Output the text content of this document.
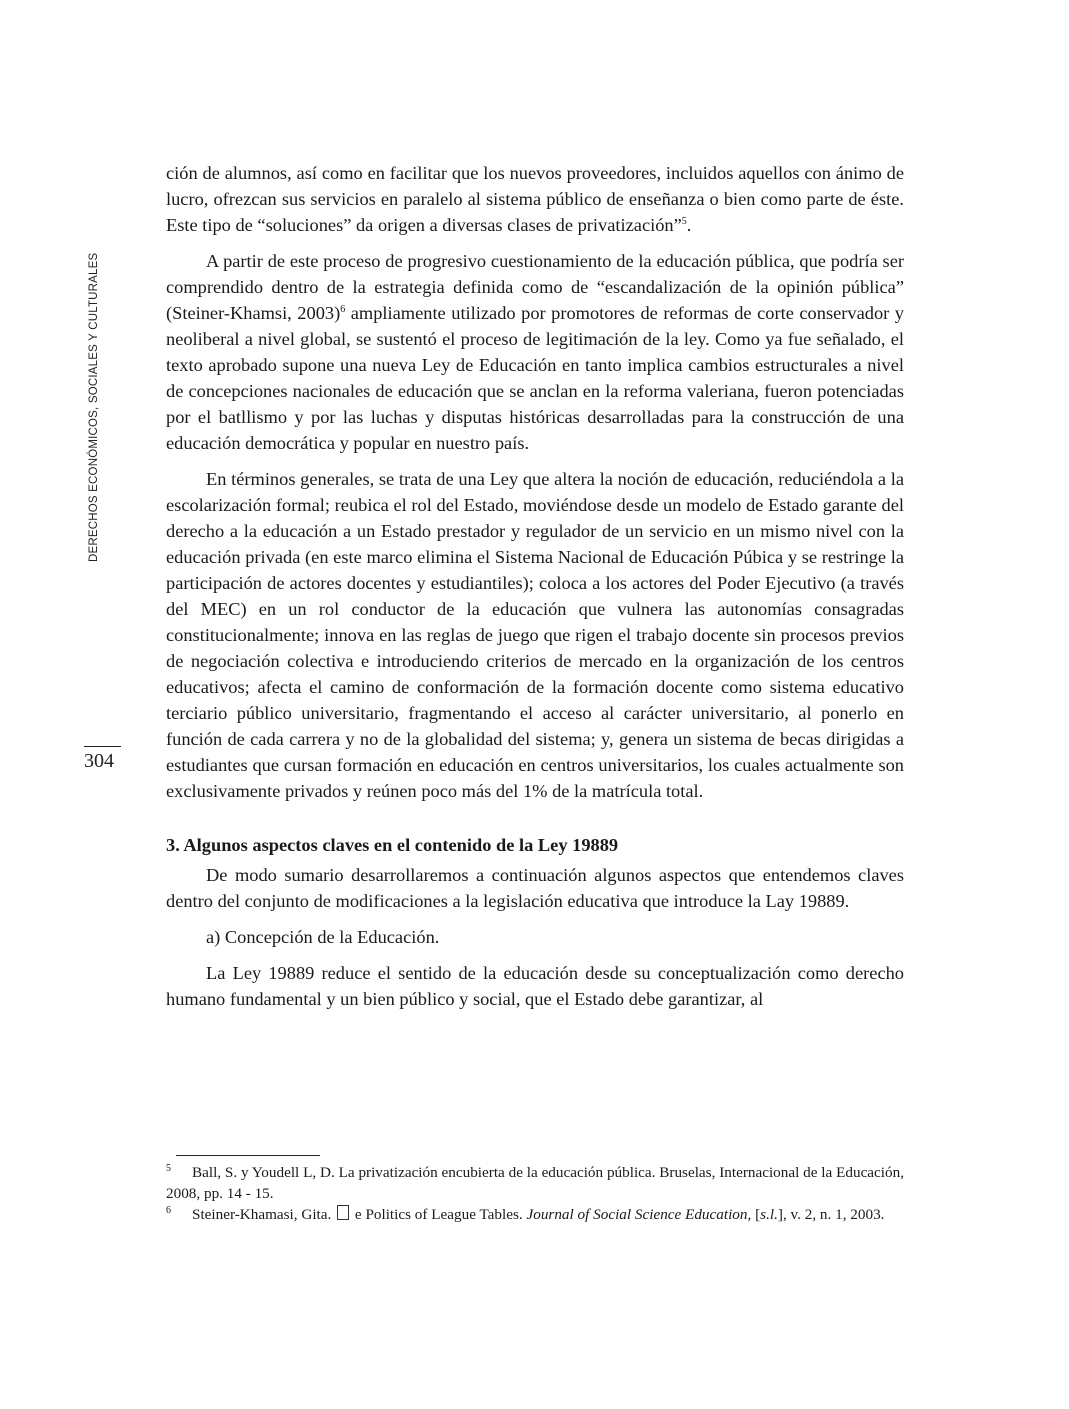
DERECHOS ECONÓMICOS, SOCIALES Y CULTURALES
304

ción de alumnos, así como en facilitar que los nuevos proveedores, incluidos aquellos con ánimo de lucro, ofrezcan sus servicios en paralelo al sistema público de enseñanza o bien como parte de éste. Este tipo de “soluciones” da origen a diversas clases de privatización”$^5$.

A partir de este proceso de progresivo cuestionamiento de la educación pública, que podría ser comprendido dentro de la estrategia definida como de “escandalización de la opinión pública” (Steiner-Khamsi, 2003)$^6$ ampliamente utilizado por promotores de reformas de corte conservador y neoliberal a nivel global, se sustentó el proceso de legitimación de la ley. Como ya fue señalado, el texto aprobado supone una nueva Ley de Educación en tanto implica cambios estructurales a nivel de concepciones nacionales de educación que se anclan en la reforma valeriana, fueron potenciadas por el batllismo y por las luchas y disputas históricas desarrolladas para la construcción de una educación democrática y popular en nuestro país.

En términos generales, se trata de una Ley que altera la noción de educación, reduciéndola a la escolarización formal; reubica el rol del Estado, moviéndose desde un modelo de Estado garante del derecho a la educación a un Estado prestador y regulador de un servicio en un mismo nivel con la educación privada (en este marco elimina el Sistema Nacional de Educación Púbica y se restringe la participación de actores docentes y estudiantiles); coloca a los actores del Poder Ejecutivo (a través del MEC) en un rol conductor de la educación que vulnera las autonomías consagradas constitucionalmente; innova en las reglas de juego que rigen el trabajo docente sin procesos previos de negociación colectiva e introduciendo criterios de mercado en la organización de los centros educativos; afecta el camino de conformación de la formación docente como sistema educativo terciario público universitario, fragmentando el acceso al carácter universitario, al ponerlo en función de cada carrera y no de la globalidad del sistema; y, genera un sistema de becas dirigidas a estudiantes que cursan formación en educación en centros universitarios, los cuales actualmente son exclusivamente privados y reúnen poco más del 1% de la matrícula total.

3. Algunos aspectos claves en el contenido de la Ley 19889

De modo sumario desarrollaremos a continuación algunos aspectos que entendemos claves dentro del conjunto de modificaciones a la legislación educativa que introduce la Lay 19889.

a) Concepción de la Educación.

La Ley 19889 reduce el sentido de la educación desde su conceptualización como derecho humano fundamental y un bien público y social, que el Estado debe garantizar, al

5 Ball, S. y Youdell L, D. La privatización encubierta de la educación pública. Bruselas, Internacional de la Educación, 2008, pp. 14 - 15.

6 Steiner-Khamasi, Gita.  e Politics of League Tables. Journal of Social Science Education, [s.l.], v. 2, n. 1, 2003.
